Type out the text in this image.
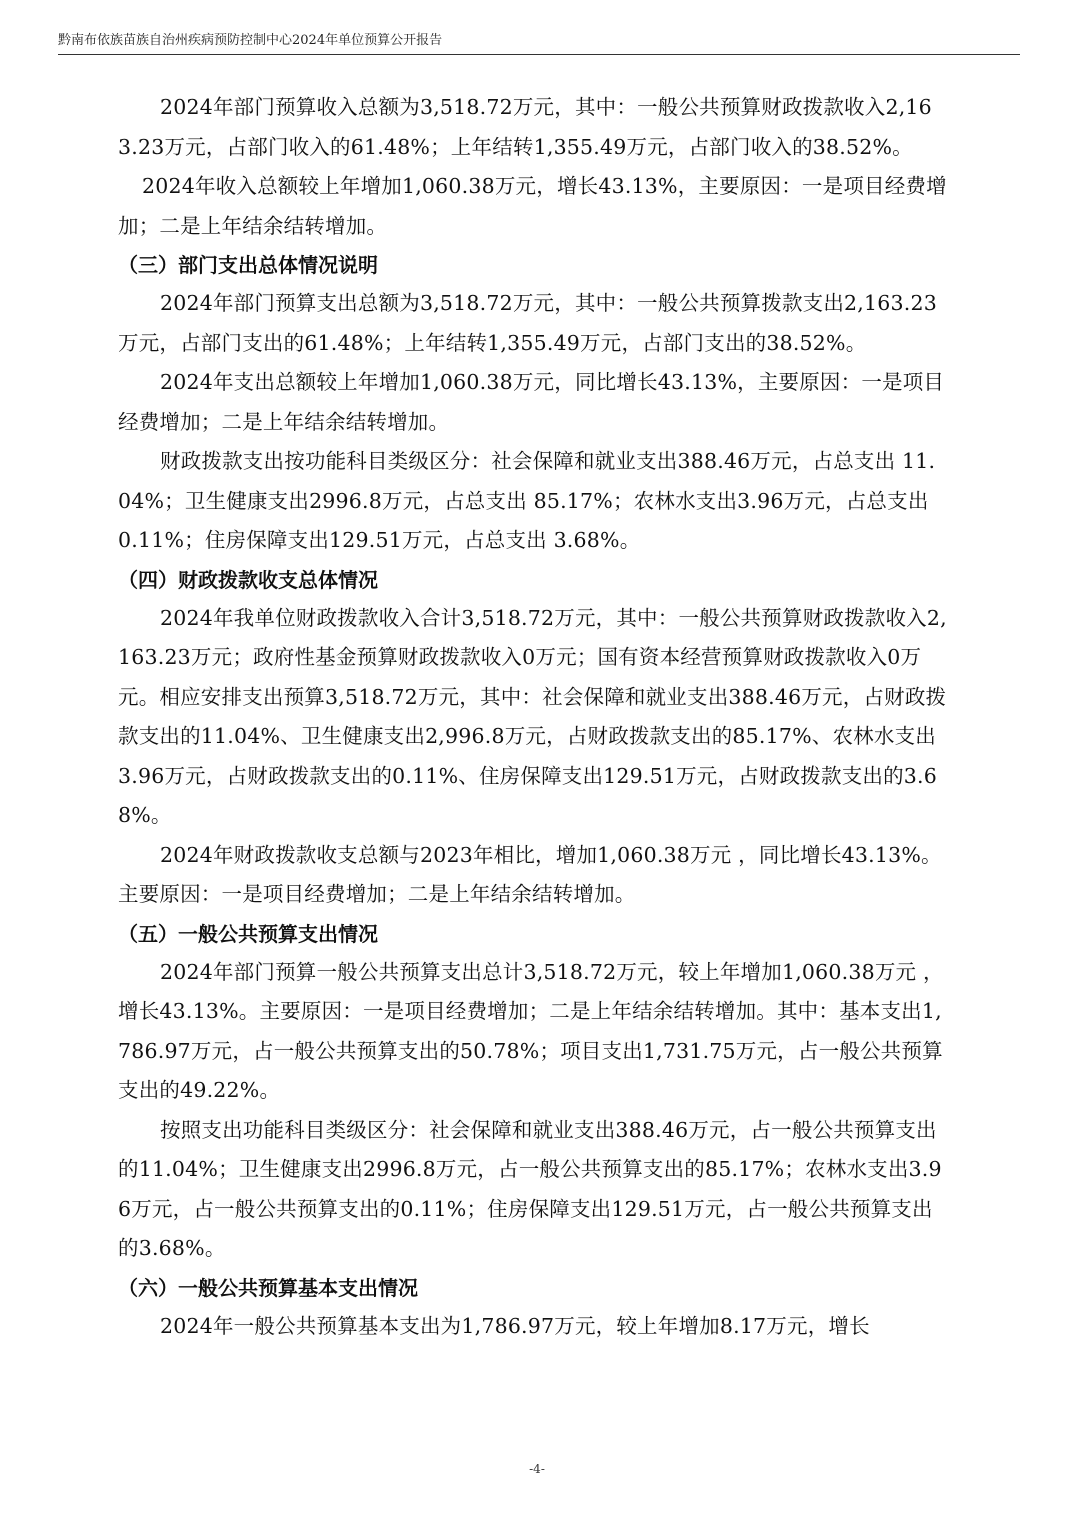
黔南布依族苗族自治州疾病预防控制中心2024年单位预算公开报告

2024年部门预算收入总额为3,518.72万元，其中：一般公共预算财政拨款收入2,163.23万元，占部门收入的61.48%；上年结转1,355.49万元，占部门收入的38.52%。

2024年收入总额较上年增加1,060.38万元，增长43.13%，主要原因：一是项目经费增加；二是上年结余结转增加。

（三）部门支出总体情况说明

2024年部门预算支出总额为3,518.72万元，其中：一般公共预算拨款支出2,163.23万元，占部门支出的61.48%；上年结转1,355.49万元，占部门支出的38.52%。

2024年支出总额较上年增加1,060.38万元，同比增长43.13%，主要原因：一是项目经费增加；二是上年结余结转增加。

财政拨款支出按功能科目类级区分：社会保障和就业支出388.46万元，占总支出 11.04%；卫生健康支出2996.8万元，占总支出 85.17%；农林水支出3.96万元，占总支出 0.11%；住房保障支出129.51万元，占总支出 3.68%。

（四）财政拨款收支总体情况

2024年我单位财政拨款收入合计3,518.72万元，其中：一般公共预算财政拨款收入2,163.23万元；政府性基金预算财政拨款收入0万元；国有资本经营预算财政拨款收入0万元。相应安排支出预算3,518.72万元，其中：社会保障和就业支出388.46万元，占财政拨款支出的11.04%、卫生健康支出2,996.8万元，占财政拨款支出的85.17%、农林水支出3.96万元，占财政拨款支出的0.11%、住房保障支出129.51万元，占财政拨款支出的3.68%。

2024年财政拨款收支总额与2023年相比，增加1,060.38万元 ，同比增长43.13%。主要原因：一是项目经费增加；二是上年结余结转增加。

（五）一般公共预算支出情况

2024年部门预算一般公共预算支出总计3,518.72万元，较上年增加1,060.38万元 ，增长43.13%。主要原因：一是项目经费增加；二是上年结余结转增加。其中：基本支出1,786.97万元，占一般公共预算支出的50.78%；项目支出1,731.75万元，占一般公共预算支出的49.22%。

按照支出功能科目类级区分：社会保障和就业支出388.46万元，占一般公共预算支出的11.04%；卫生健康支出2996.8万元，占一般公共预算支出的85.17%；农林水支出3.96万元，占一般公共预算支出的0.11%；住房保障支出129.51万元，占一般公共预算支出的3.68%。

（六）一般公共预算基本支出情况

2024年一般公共预算基本支出为1,786.97万元，较上年增加8.17万元，增长

-4-
